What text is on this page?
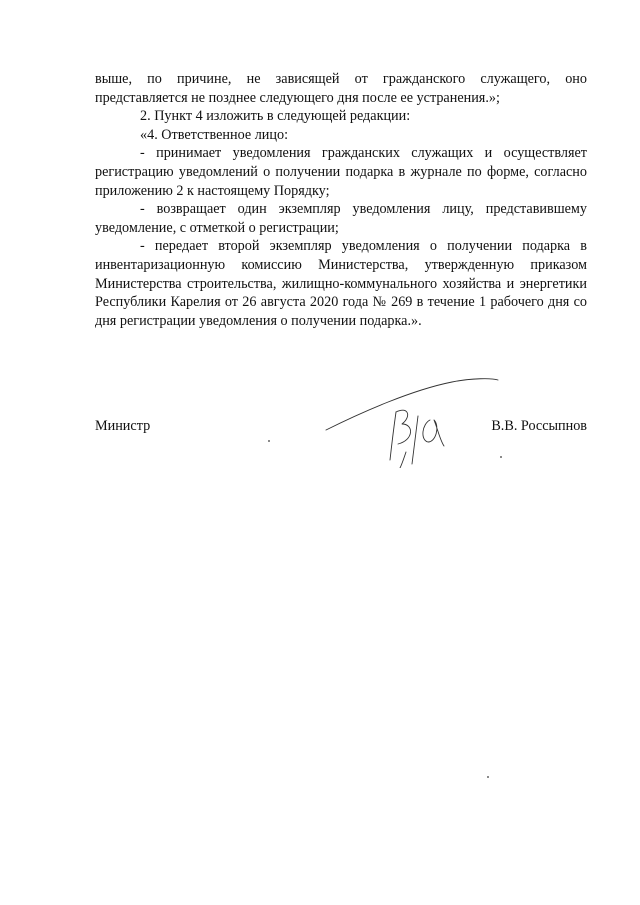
выше, по причине, не зависящей от гражданского служащего, оно представляется не позднее следующего дня после ее устранения.»;

2. Пункт 4 изложить в следующей редакции:

«4. Ответственное лицо:

- принимает уведомления гражданских служащих и осуществляет регистрацию уведомлений о получении подарка в журнале по форме, согласно приложению 2 к настоящему Порядку;

- возвращает один экземпляр уведомления лицу, представившему уведомление, с отметкой о регистрации;

- передает второй экземпляр уведомления о получении подарка в инвентаризационную комиссию Министерства, утвержденную приказом Министерства строительства, жилищно-коммунального хозяйства и энергетики Республики Карелия от 26 августа 2020 года № 269 в течение 1 рабочего дня со дня регистрации уведомления о получении подарка.».

Министр	В.В. Россыпнов
